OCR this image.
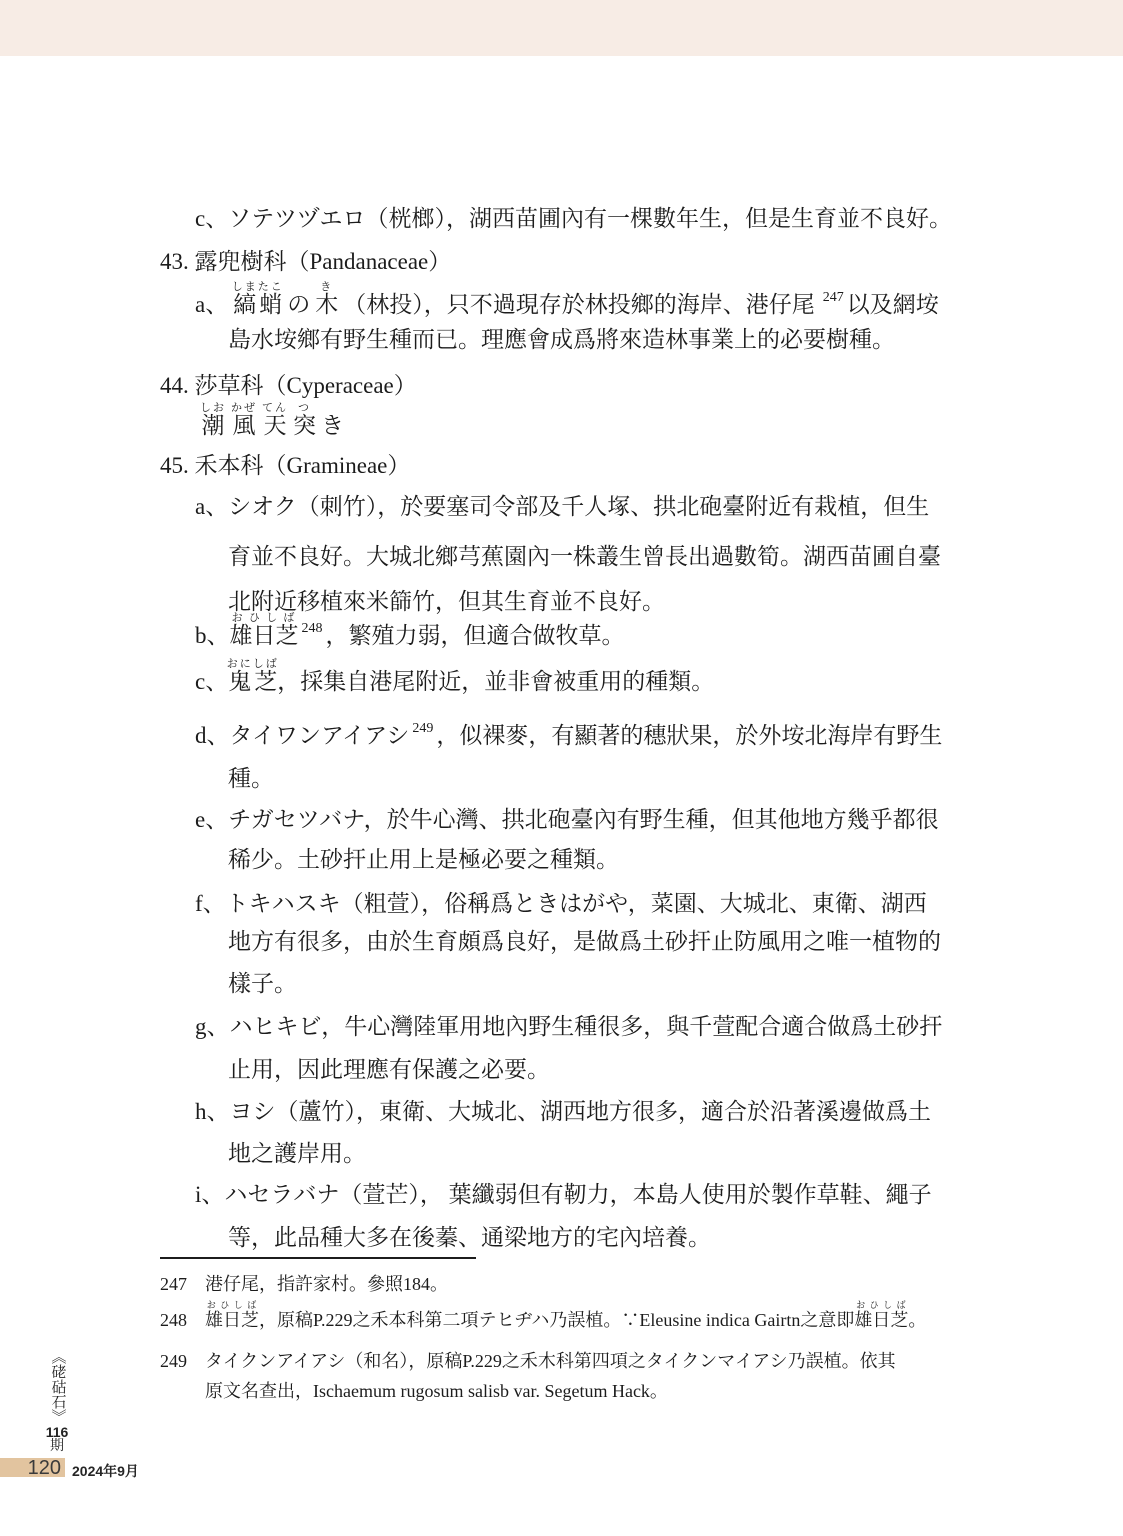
c、ソテツヅエロ（桄榔），湖西苗圃內有一棵數年生，但是生育並不良好。
43. 露兜樹科（Pandanaceae）
a、 縞蛸しまたこの 木き（林投），只不過現存於林投鄉的海岸、港仔尾 $^{247}$ 以及網垵
島水垵鄉有野生種而已。理應會成爲將來造林事業上的必要樹種。
44. 莎草科（Cyperaceae）
潮しお風かぜ天てん突つき
45. 禾本科（Gramineae）
a、シオク（刺竹），於要塞司令部及千人塚、拱北砲臺附近有栽植，但生
育並不良好。大城北鄉芎蕉園內一株叢生曾長出過數筍。湖西苗圃自臺
北附近移植來米篩竹，但其生育並不良好。
b、雄日芝おひしば$^{248}$ ，繁殖力弱，但適合做牧草。
c、鬼芝おにしば，採集自港尾附近，並非會被重用的種類。
d、タイワンアイアシ $^{249}$ ，似裸麥，有顯著的穗狀果，於外垵北海岸有野生
種。
e、チガセツバナ，於牛心灣、拱北砲臺內有野生種，但其他地方幾乎都很
稀少。土砂扞止用上是極必要之種類。
f、トキハスキ（粗萱），俗稱爲ときはがや，菜園、大城北、東衛、湖西
地方有很多，由於生育頗爲良好，是做爲土砂扞止防風用之唯一植物的
樣子。
g、ハヒキビ，牛心灣陸軍用地內野生種很多，與千萱配合適合做爲土砂扞
止用，因此理應有保護之必要。
h、ヨシ（蘆竹），東衛、大城北、湖西地方很多，適合於沿著溪邊做爲土
地之護岸用。
i、ハセラバナ（萱芒）， 葉纖弱但有靭力，本島人使用於製作草鞋、繩子
等，此品種大多在後蓁、通梁地方的宅內培養。
247 港仔尾，指許家村。參照184。
248 雄日芝おひしば，原稿P.229之禾本科第二項テヒヂハ乃誤植。∵Eleusine indica Gairtn之意即雄日芝おひしば。
249 タイクンアイアシ（和名），原稿P.229之禾木科第四項之タイクンマイアシ乃誤植。依其
原文名查出，Ischaemum rugosum salisb var. Segetum Hack。
《硓𥑮石》
116
期
120 2024年9月
